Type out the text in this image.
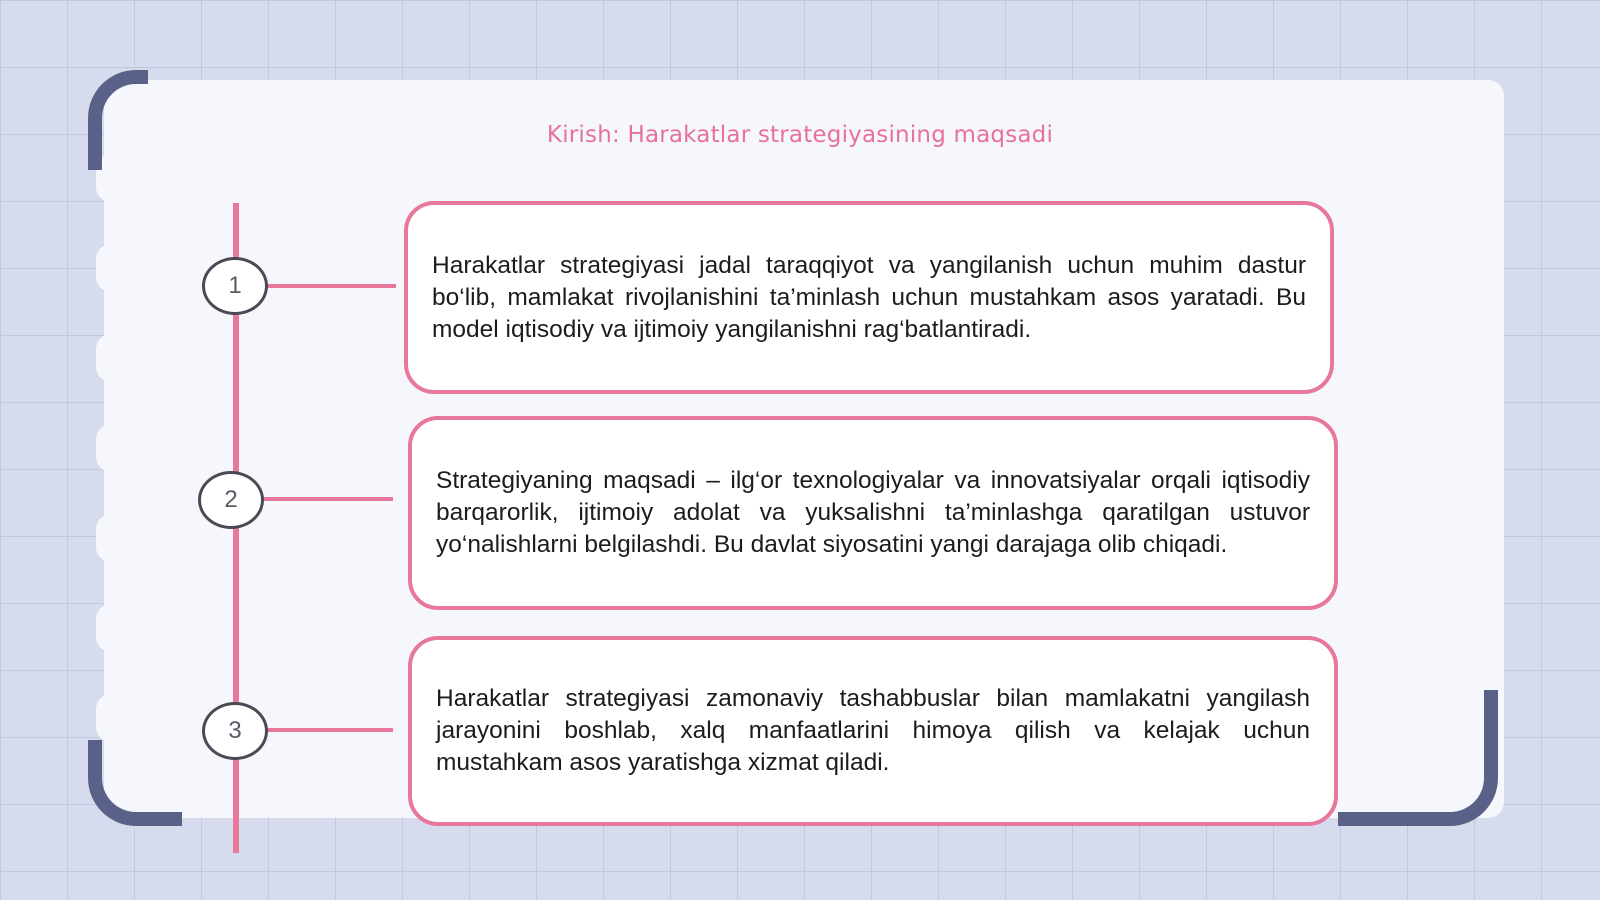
Kirish: Harakatlar strategiyasining maqsadi
1
2
3

Harakatlar strategiyasi jadal taraqqiyot va yangilanish uchun muhim dastur bo‘lib, mamlakat rivojlanishini ta’minlash uchun mustahkam asos yaratadi. Bu model iqtisodiy va ijtimoiy yangilanishni rag‘batlantiradi.

Strategiyaning maqsadi – ilg‘or texnologiyalar va innovatsiyalar orqali iqtisodiy barqarorlik, ijtimoiy adolat va yuksalishni ta’minlashga qaratilgan ustuvor yo‘nalishlarni belgilashdi. Bu davlat siyosatini yangi darajaga olib chiqadi.

Harakatlar strategiyasi zamonaviy tashabbuslar bilan mamlakatni yangilash jarayonini boshlab, xalq manfaatlarini himoya qilish va kelajak uchun mustahkam asos yaratishga xizmat qiladi.
